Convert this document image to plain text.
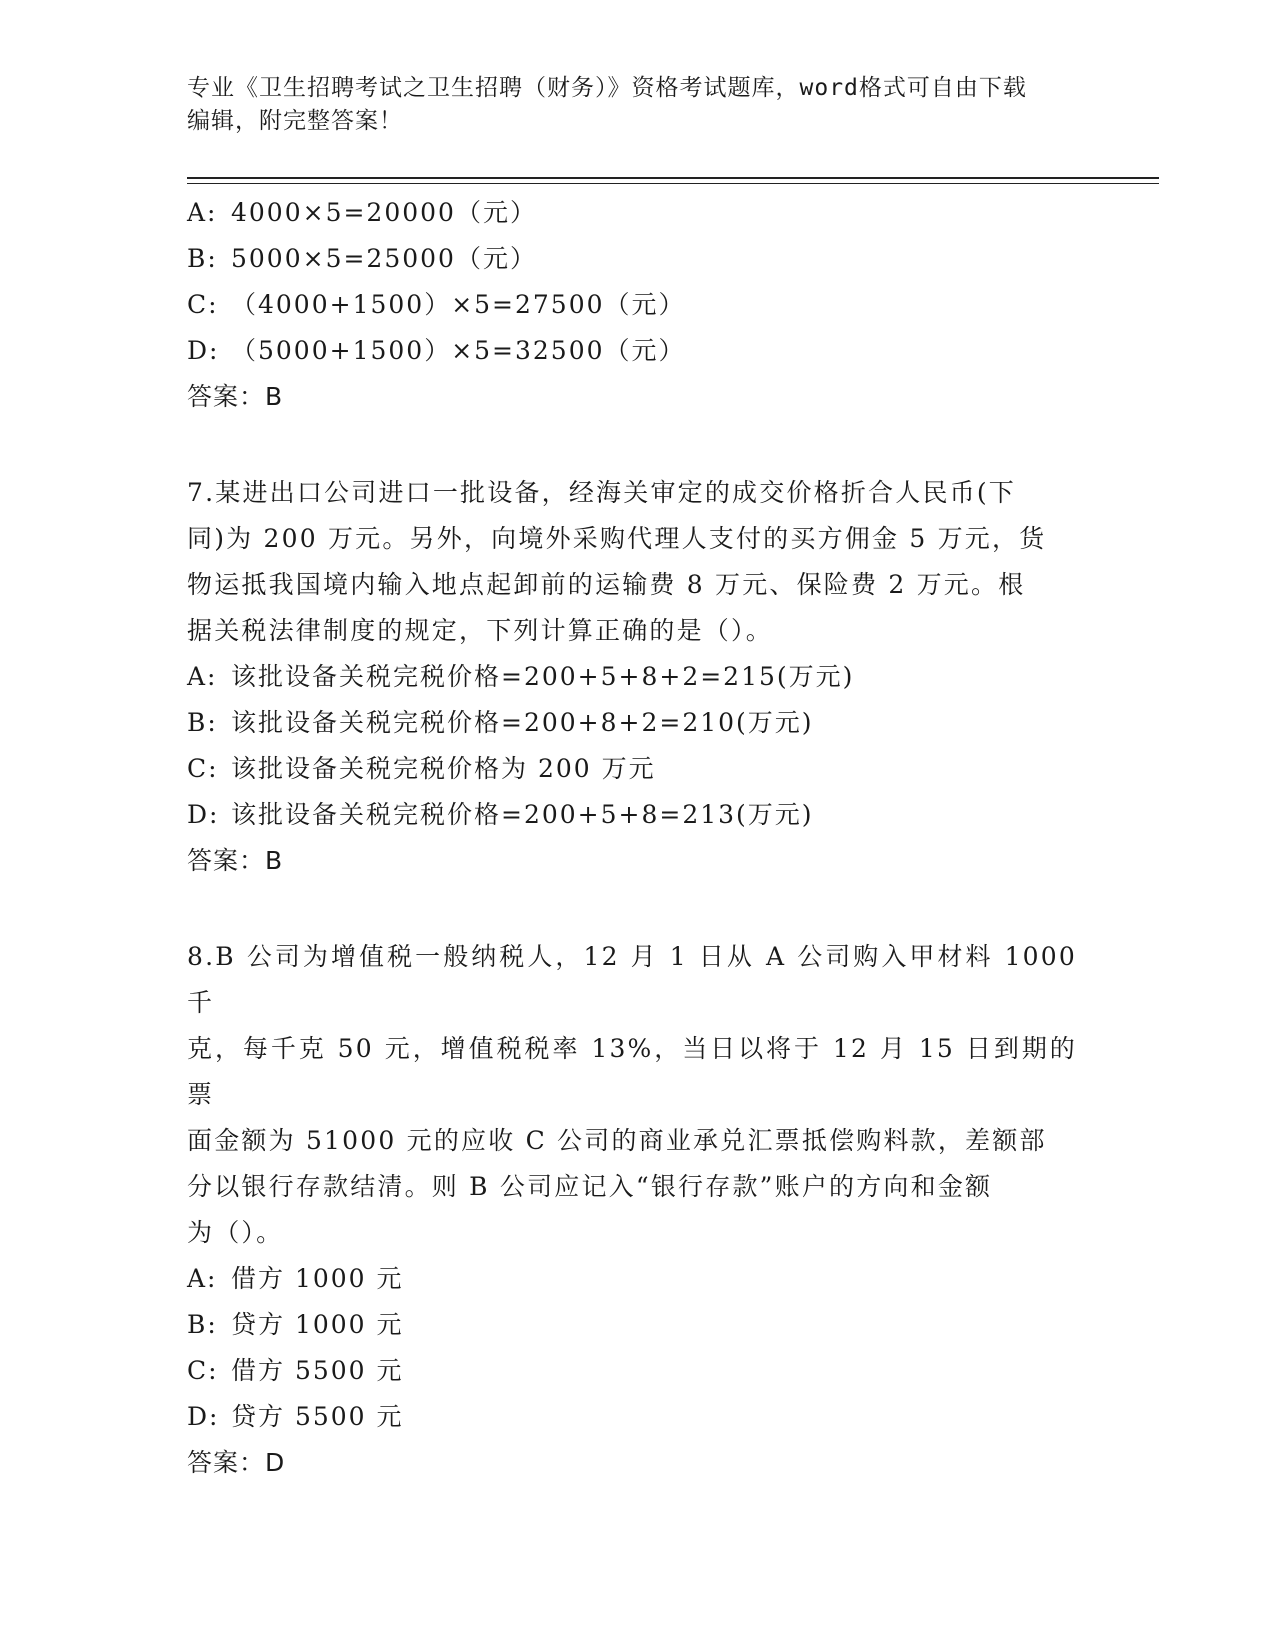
专业《卫生招聘考试之卫生招聘（财务）》资格考试题库，word格式可自由下载
编辑，附完整答案！
A: 4000×5=20000（元）
B: 5000×5=25000（元）
C: （4000+1500）×5=27500（元）
D: （5000+1500）×5=32500（元）
答案：B
7.某进出口公司进口一批设备，经海关审定的成交价格折合人民币(下
同)为 200 万元。另外，向境外采购代理人支付的买方佣金 5 万元，货
物运抵我国境内输入地点起卸前的运输费 8 万元、保险费 2 万元。根
据关税法律制度的规定，下列计算正确的是（）。
A: 该批设备关税完税价格=200+5+8+2=215(万元)
B: 该批设备关税完税价格=200+8+2=210(万元)
C: 该批设备关税完税价格为 200 万元
D: 该批设备关税完税价格=200+5+8=213(万元)
答案：B
8.B 公司为增值税一般纳税人，12 月 1 日从 A 公司购入甲材料 1000 千
克，每千克 50 元，增值税税率 13%，当日以将于 12 月 15 日到期的票
面金额为 51000 元的应收 C 公司的商业承兑汇票抵偿购料款，差额部
分以银行存款结清。则 B 公司应记入“银行存款”账户的方向和金额
为（）。
A: 借方 1000 元
B: 贷方 1000 元
C: 借方 5500 元
D: 贷方 5500 元
答案：D
